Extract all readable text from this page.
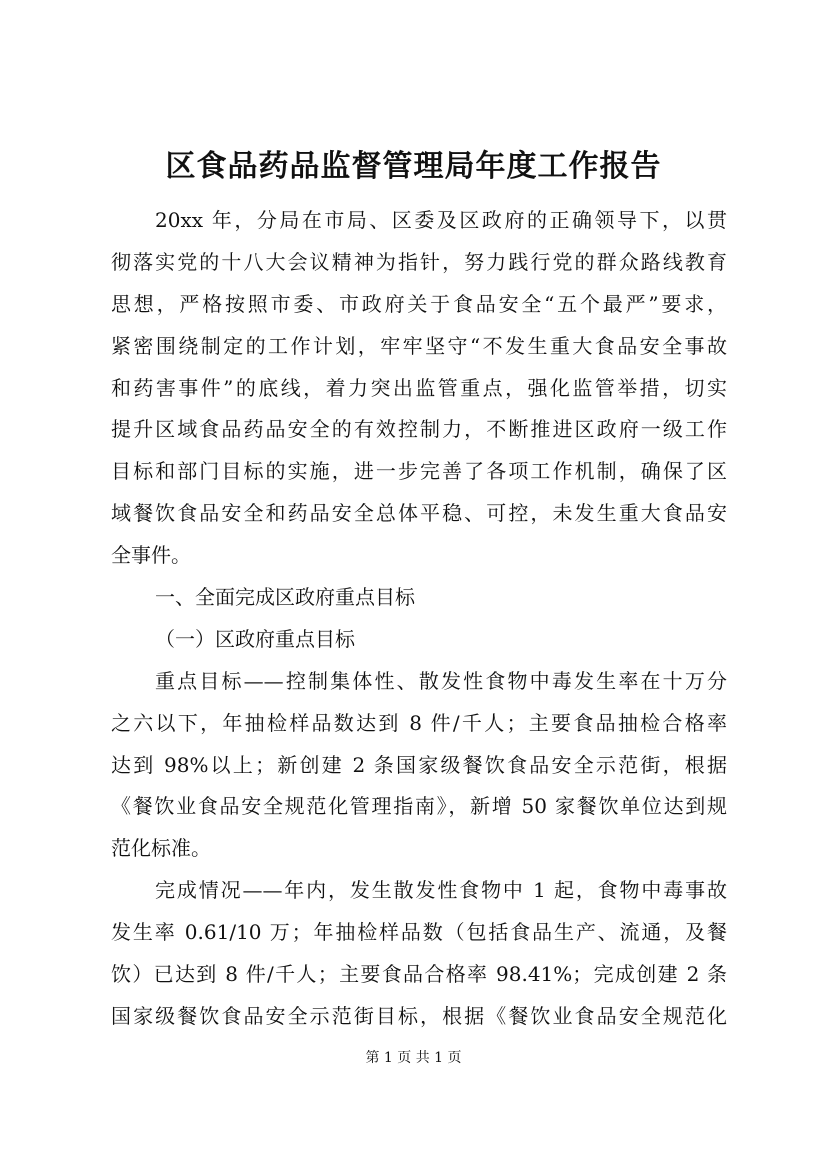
区食品药品监督管理局年度工作报告
20xx 年，分局在市局、区委及区政府的正确领导下，以贯
彻落实党的十八大会议精神为指针，努力践行党的群众路线教育
思想，严格按照市委、市政府关于食品安全“五个最严”要求，
紧密围绕制定的工作计划，牢牢坚守“不发生重大食品安全事故
和药害事件”的底线，着力突出监管重点，强化监管举措，切实
提升区域食品药品安全的有效控制力，不断推进区政府一级工作
目标和部门目标的实施，进一步完善了各项工作机制，确保了区
域餐饮食品安全和药品安全总体平稳、可控，未发生重大食品安
全事件。
一、全面完成区政府重点目标
（一）区政府重点目标
重点目标——控制集体性、散发性食物中毒发生率在十万分
之六以下，年抽检样品数达到 8 件/千人；主要食品抽检合格率
达到 98%以上；新创建 2 条国家级餐饮食品安全示范街，根据
《餐饮业食品安全规范化管理指南》，新增 50 家餐饮单位达到规
范化标准。
完成情况——年内，发生散发性食物中 1 起，食物中毒事故
发生率 0.61/10 万；年抽检样品数（包括食品生产、流通，及餐
饮）已达到 8 件/千人；主要食品合格率 98.41%；完成创建 2 条
国家级餐饮食品安全示范街目标，根据《餐饮业食品安全规范化
第 1 页 共 1 页
